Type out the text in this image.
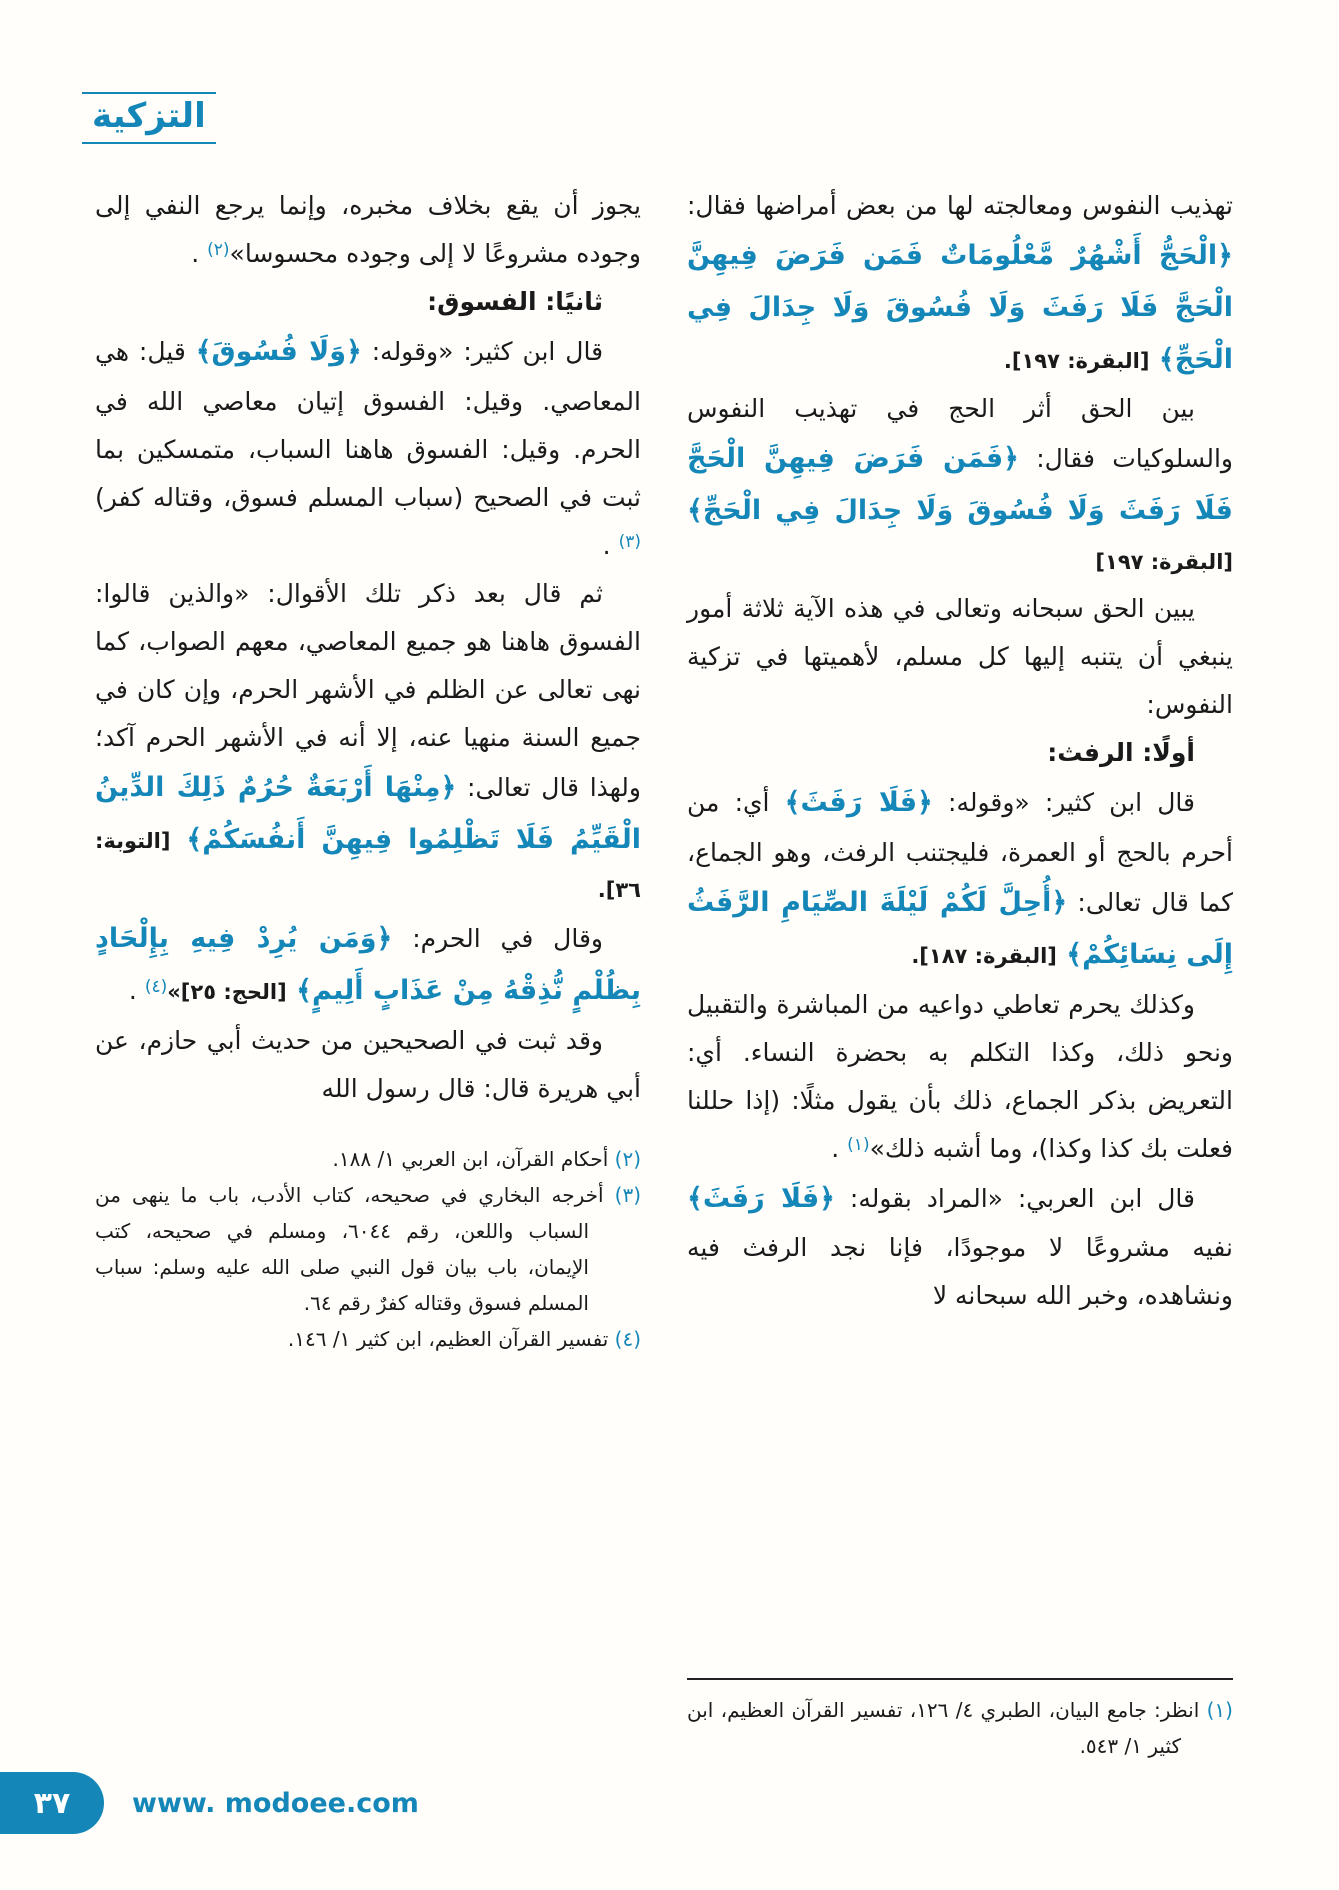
التزكية
تهذيب النفوس ومعالجته لها من بعض أمراضها فقال: ﴿الْحَجُّ أَشْهُرٌ مَّعْلُومَاتٌ فَمَن فَرَضَ فِيهِنَّ الْحَجَّ فَلَا رَفَثَ وَلَا فُسُوقَ وَلَا جِدَالَ فِي الْحَجِّ﴾ [البقرة: ١٩٧].
بين الحق أثر الحج في تهذيب النفوس والسلوكيات فقال: ﴿فَمَن فَرَضَ فِيهِنَّ الْحَجَّ فَلَا رَفَثَ وَلَا فُسُوقَ وَلَا جِدَالَ فِي الْحَجِّ﴾ [البقرة: ١٩٧]
يبين الحق سبحانه وتعالى في هذه الآية ثلاثة أمور ينبغي أن يتنبه إليها كل مسلم، لأهميتها في تزكية النفوس:
أولًا: الرفث:
قال ابن كثير: «وقوله: ﴿فَلَا رَفَثَ﴾ أي: من أحرم بالحج أو العمرة، فليجتنب الرفث، وهو الجماع، كما قال تعالى: ﴿أُحِلَّ لَكُمْ لَيْلَةَ الصِّيَامِ الرَّفَثُ إِلَى نِسَائِكُمْ﴾ [البقرة: ١٨٧].
وكذلك يحرم تعاطي دواعيه من المباشرة والتقبيل ونحو ذلك، وكذا التكلم به بحضرة النساء. أي: التعريض بذكر الجماع، ذلك بأن يقول مثلًا: (إذا حللنا فعلت بك كذا وكذا)، وما أشبه ذلك»$^{(١)}$ .
قال ابن العربي: «المراد بقوله: ﴿فَلَا رَفَثَ﴾ نفيه مشروعًا لا موجودًا، فإنا نجد الرفث فيه ونشاهده، وخبر الله سبحانه لا
(١) انظر: جامع البيان، الطبري ٤/ ١٢٦، تفسير القرآن العظيم، ابن كثير ١/ ٥٤٣.
يجوز أن يقع بخلاف مخبره، وإنما يرجع النفي إلى وجوده مشروعًا لا إلى وجوده محسوسا»$^{(٢)}$ .
ثانيًا: الفسوق:
قال ابن كثير: «وقوله: ﴿وَلَا فُسُوقَ﴾ قيل: هي المعاصي. وقيل: الفسوق إتيان معاصي الله في الحرم. وقيل: الفسوق هاهنا السباب، متمسكين بما ثبت في الصحيح (سباب المسلم فسوق، وقتاله كفر)$^{(٣)}$ .
ثم قال بعد ذكر تلك الأقوال: «والذين قالوا: الفسوق هاهنا هو جميع المعاصي، معهم الصواب، كما نهى تعالى عن الظلم في الأشهر الحرم، وإن كان في جميع السنة منهيا عنه، إلا أنه في الأشهر الحرم آكد؛ ولهذا قال تعالى: ﴿مِنْهَا أَرْبَعَةٌ حُرُمٌ ذَلِكَ الدِّينُ الْقَيِّمُ فَلَا تَظْلِمُوا فِيهِنَّ أَنفُسَكُمْ﴾ [التوبة: ٣٦].
وقال في الحرم: ﴿وَمَن يُرِدْ فِيهِ بِإِلْحَادٍ بِظُلْمٍ نُّذِقْهُ مِنْ عَذَابٍ أَلِيمٍ﴾ [الحج: ٢٥]»$^{(٤)}$ .
وقد ثبت في الصحيحين من حديث أبي حازم، عن أبي هريرة قال: قال رسول الله
(٢) أحكام القرآن، ابن العربي ١/ ١٨٨.
(٣) أخرجه البخاري في صحيحه، كتاب الأدب، باب ما ينهى من السباب واللعن، رقم ٦٠٤٤، ومسلم في صحيحه، كتب الإيمان، باب بيان قول النبي صلى الله عليه وسلم: سباب المسلم فسوق وقتاله كفرٌ رقم ٦٤.
(٤) تفسير القرآن العظيم، ابن كثير ١/ ١٤٦.
٣٧ www. modoee.com
